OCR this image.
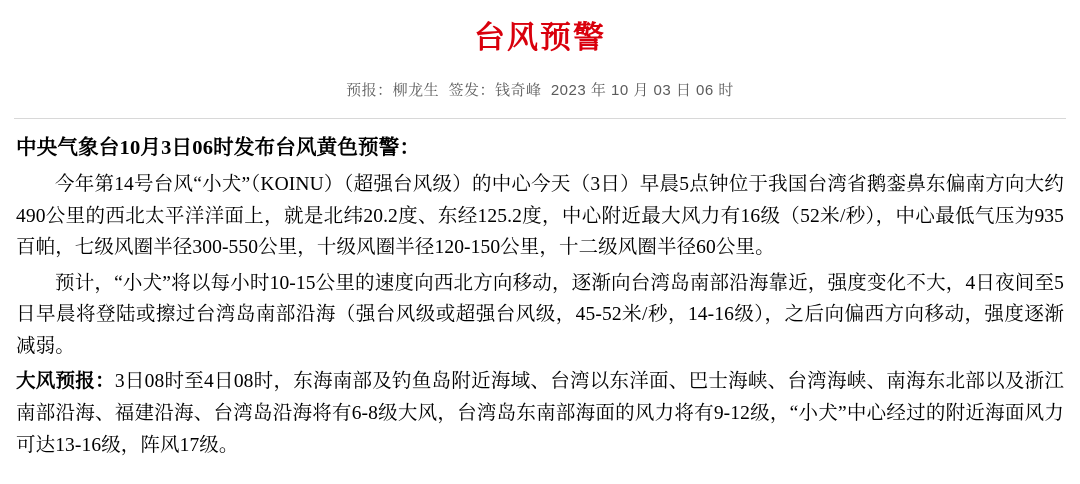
台风预警
预报：柳龙生 签发：钱奇峰 2023 年 10 月 03 日 06 时

中央气象台10月3日06时发布台风黄色预警：

今年第14号台风“小犬”（KOINU）（超强台风级）的中心今天（3日）早晨5点钟位于我国台湾省鹅銮鼻东偏南方向大约490公里的西北太平洋洋面上，就是北纬20.2度、东经125.2度，中心附近最大风力有16级（52米/秒），中心最低气压为935百帕，七级风圈半径300-550公里，十级风圈半径120-150公里，十二级风圈半径60公里。

预计，“小犬”将以每小时10-15公里的速度向西北方向移动，逐渐向台湾岛南部沿海靠近，强度变化不大，4日夜间至5日早晨将登陆或擦过台湾岛南部沿海（强台风级或超强台风级，45-52米/秒，14-16级），之后向偏西方向移动，强度逐渐减弱。

大风预报：3日08时至4日08时，东海南部及钓鱼岛附近海域、台湾以东洋面、巴士海峡、台湾海峡、南海东北部以及浙江南部沿海、福建沿海、台湾岛沿海将有6-8级大风，台湾岛东南部海面的风力将有9-12级，“小犬”中心经过的附近海面风力可达13-16级，阵风17级。
